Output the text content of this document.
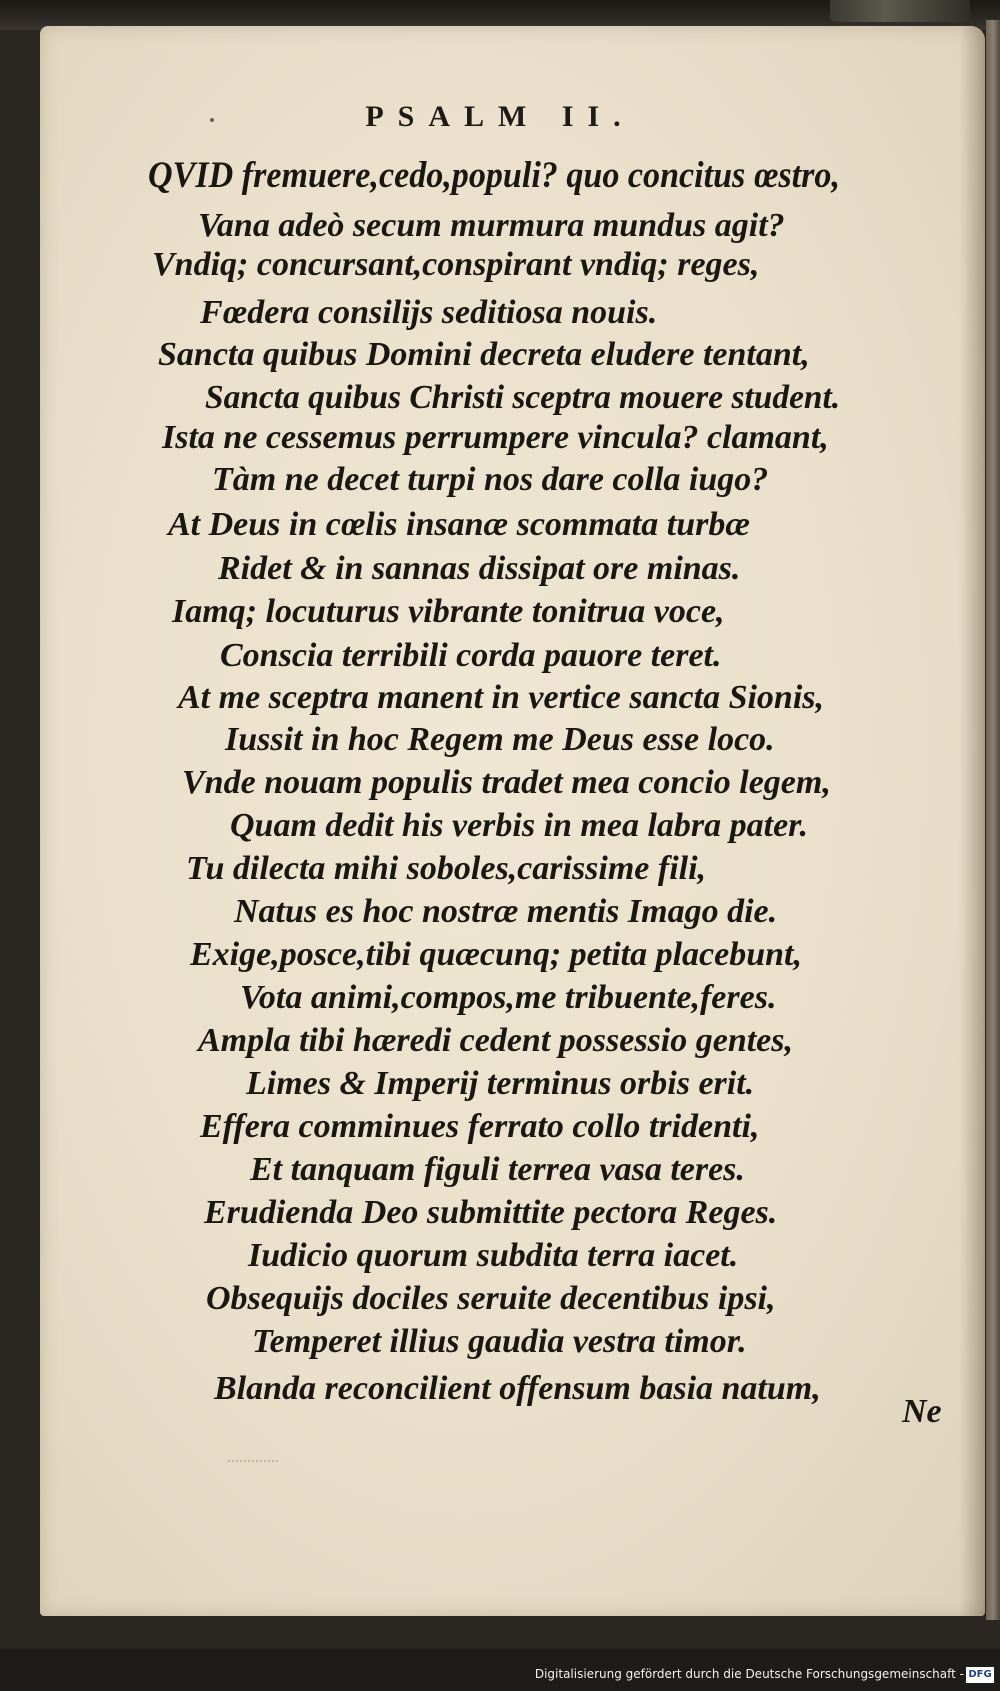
PSALM II.

QVID fremuere,cedo,populi? quo concitus œstro,

Vana adeò secum murmura mundus agit?

Vndiq; concursant,conspirant vndiq; reges,

Fœdera consilijs seditiosa nouis.

Sancta quibus Domini decreta eludere tentant,

Sancta quibus Christi sceptra mouere student.

Ista ne cessemus perrumpere vincula? clamant,

Tàm ne decet turpi nos dare colla iugo?

At Deus in cœlis insanæ scommata turbæ

Ridet & in sannas dissipat ore minas.

Iamq; locuturus vibrante tonitrua voce,

Conscia terribili corda pauore teret.

At me sceptra manent in vertice sancta Sionis,

Iussit in hoc Regem me Deus esse loco.

Vnde nouam populis tradet mea concio legem,

Quam dedit his verbis in mea labra pater.

Tu dilecta mihi soboles,carissime fili,

Natus es hoc nostræ mentis Imago die.

Exige,posce,tibi quæcunq; petita placebunt,

Vota animi,compos,me tribuente,feres.

Ampla tibi hæredi cedent possessio gentes,

Limes & Imperij terminus orbis erit.

Effera comminues ferrato collo tridenti,

Et tanquam figuli terrea vasa teres.

Erudienda Deo submittite pectora Reges.

Iudicio quorum subdita terra iacet.

Obsequijs dociles seruite decentibus ipsi,

Temperet illius gaudia vestra timor.

Blanda reconcilient offensum basia natum,

Ne
Digitalisierung gefördert durch die Deutsche Forschungsgemeinschaft - DFG
